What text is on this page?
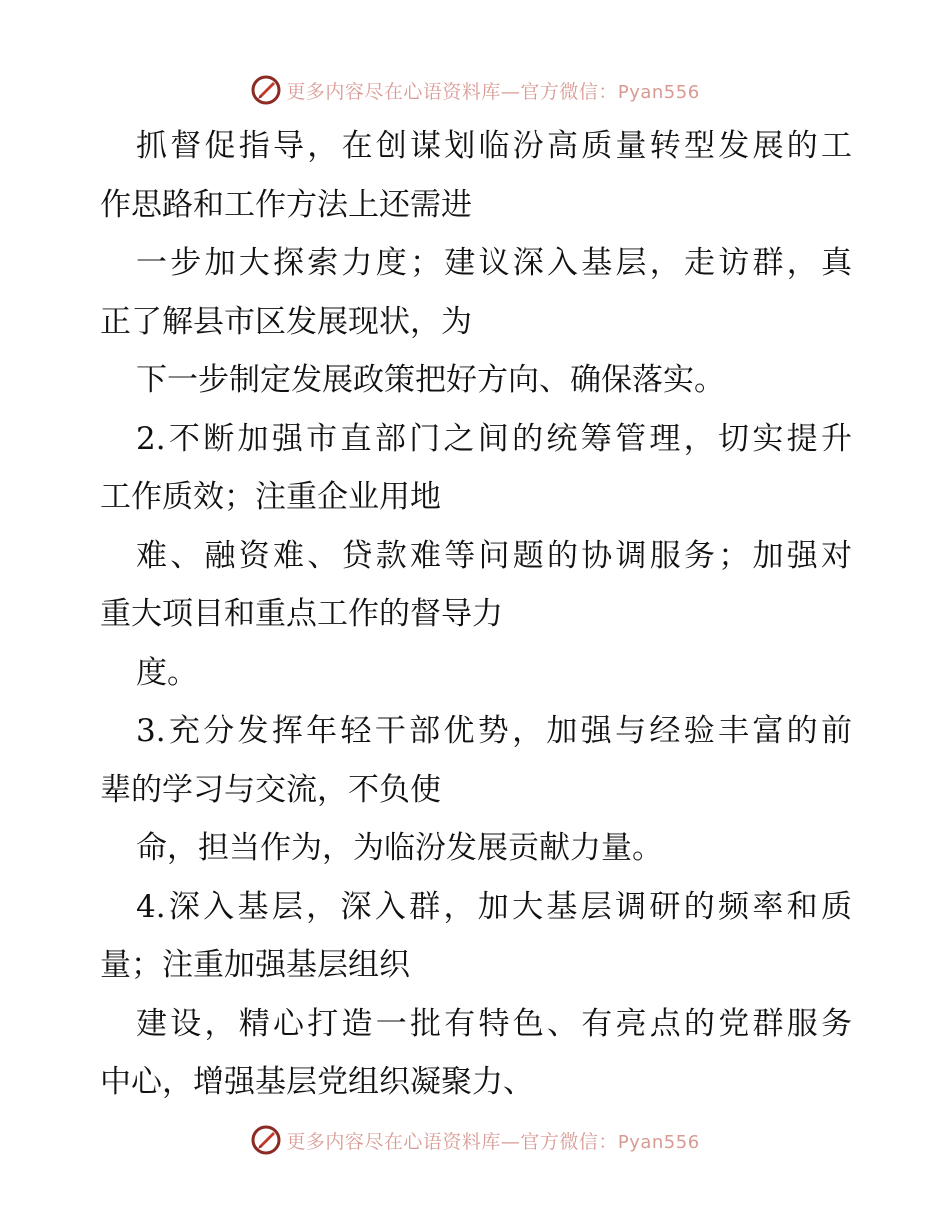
更多内容尽在心语资料库—官方微信：Pyan556
抓督促指导，在创谋划临汾高质量转型发展的工
作思路和工作方法上还需进
一步加大探索力度；建议深入基层，走访群，真
正了解县市区发展现状，为
下一步制定发展政策把好方向、确保落实。
2.不断加强市直部门之间的统筹管理，切实提升
工作质效；注重企业用地
难、融资难、贷款难等问题的协调服务；加强对
重大项目和重点工作的督导力
度。
3.充分发挥年轻干部优势，加强与经验丰富的前
辈的学习与交流，不负使
命，担当作为，为临汾发展贡献力量。
4.深入基层，深入群，加大基层调研的频率和质
量；注重加强基层组织
建设，精心打造一批有特色、有亮点的党群服务
中心，增强基层党组织凝聚力、
更多内容尽在心语资料库—官方微信：Pyan556
